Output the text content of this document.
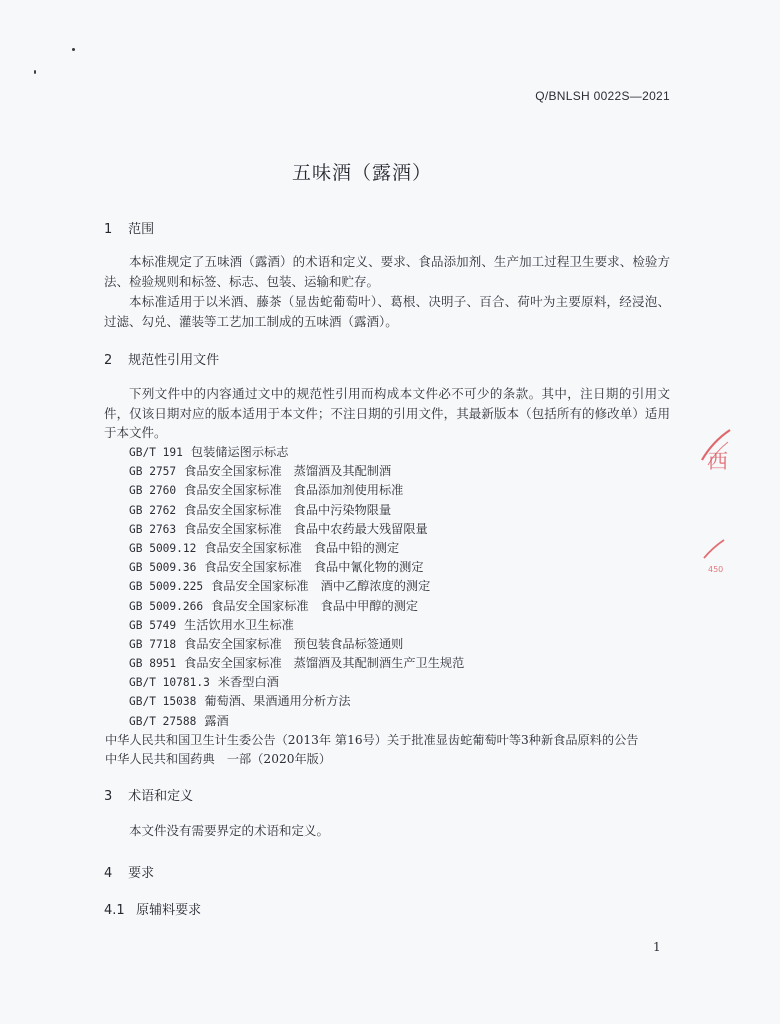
Q/BNLSH 0022S—2021
五味酒（露酒）
1 范围

本标准规定了五味酒（露酒）的术语和定义、要求、食品添加剂、生产加工过程卫生要求、检验方法、检验规则和标签、标志、包装、运输和贮存。

本标准适用于以米酒、藤茶（显齿蛇葡萄叶）、葛根、决明子、百合、荷叶为主要原料，经浸泡、过滤、勾兑、灌装等工艺加工制成的五味酒（露酒）。

2 规范性引用文件

下列文件中的内容通过文中的规范性引用而构成本文件必不可少的条款。其中，注日期的引用文件，仅该日期对应的版本适用于本文件；不注日期的引用文件，其最新版本（包括所有的修改单）适用于本文件。

GB/T 191 包装储运图示标志
GB 2757 食品安全国家标准 蒸馏酒及其配制酒
GB 2760 食品安全国家标准 食品添加剂使用标准
GB 2762 食品安全国家标准 食品中污染物限量
GB 2763 食品安全国家标准 食品中农药最大残留限量
GB 5009.12 食品安全国家标准 食品中铅的测定
GB 5009.36 食品安全国家标准 食品中氰化物的测定
GB 5009.225 食品安全国家标准 酒中乙醇浓度的测定
GB 5009.266 食品安全国家标准 食品中甲醇的测定
GB 5749 生活饮用水卫生标准
GB 7718 食品安全国家标准 预包装食品标签通则
GB 8951 食品安全国家标准 蒸馏酒及其配制酒生产卫生规范
GB/T 10781.3 米香型白酒
GB/T 15038 葡萄酒、果酒通用分析方法
GB/T 27588 露酒
中华人民共和国卫生计生委公告（2013年 第16号）关于批准显齿蛇葡萄叶等3种新食品原料的公告
中华人民共和国药典　一部（2020年版）
3 术语和定义

本文件没有需要界定的术语和定义。

4 要求
4.1 原辅料要求
1
西
450
